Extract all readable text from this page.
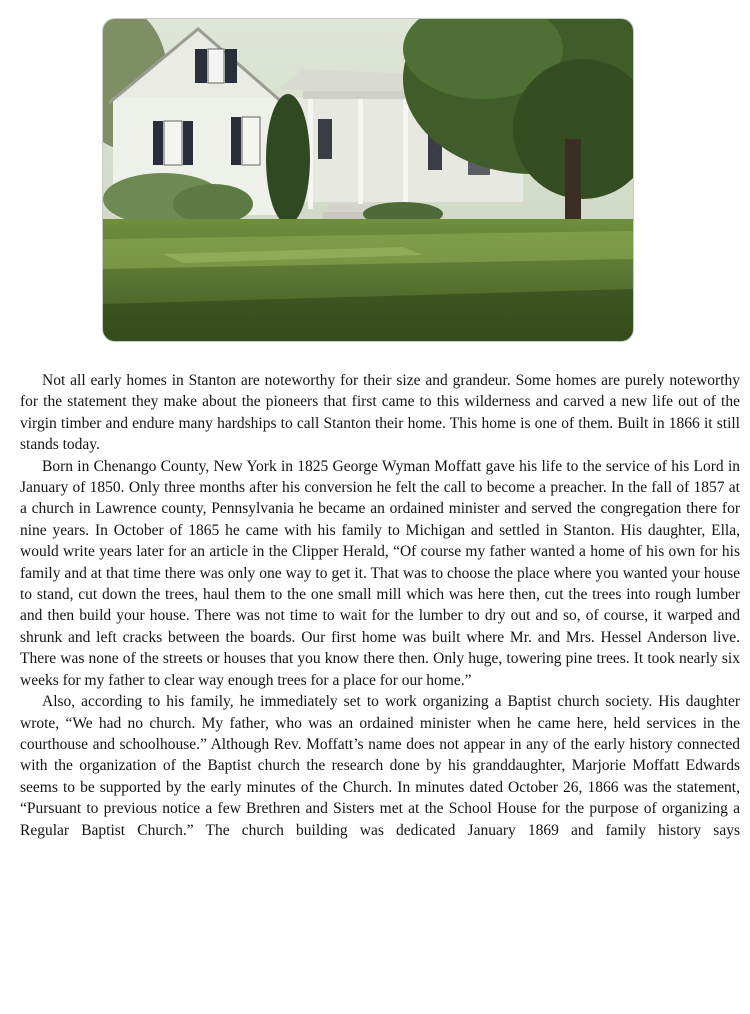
Not all early homes in Stanton are noteworthy for their size and grandeur. Some homes are purely noteworthy for the statement they make about the pioneers that first came to this wilderness and carved a new life out of the virgin timber and endure many hardships to call Stanton their home. This home is one of them. Built in 1866 it still stands today.

Born in Chenango County, New York in 1825 George Wyman Moffatt gave his life to the service of his Lord in January of 1850. Only three months after his conversion he felt the call to become a preacher. In the fall of 1857 at a church in Lawrence county, Pennsylvania he became an ordained minister and served the congregation there for nine years. In October of 1865 he came with his family to Michigan and settled in Stanton. His daughter, Ella, would write years later for an article in the Clipper Herald, “Of course my father wanted a home of his own for his family and at that time there was only one way to get it. That was to choose the place where you wanted your house to stand, cut down the trees, haul them to the one small mill which was here then, cut the trees into rough lumber and then build your house. There was not time to wait for the lumber to dry out and so, of course, it warped and shrunk and left cracks between the boards. Our first home was built where Mr. and Mrs. Hessel Anderson live. There was none of the streets or houses that you know there then. Only huge, towering pine trees. It took nearly six weeks for my father to clear way enough trees for a place for our home.”

Also, according to his family, he immediately set to work organizing a Baptist church society. His daughter wrote, “We had no church. My father, who was an ordained minister when he came here, held services in the courthouse and schoolhouse.” Although Rev. Moffatt’s name does not appear in any of the early history connected with the organization of the Baptist church the research done by his granddaughter, Marjorie Moffatt Edwards seems to be supported by the early minutes of the Church. In minutes dated October 26, 1866 was the statement, “Pursuant to previous notice a few Brethren and Sisters met at the School House for the purpose of organizing a Regular Baptist Church.” The church building was dedicated January 1869 and family history says
